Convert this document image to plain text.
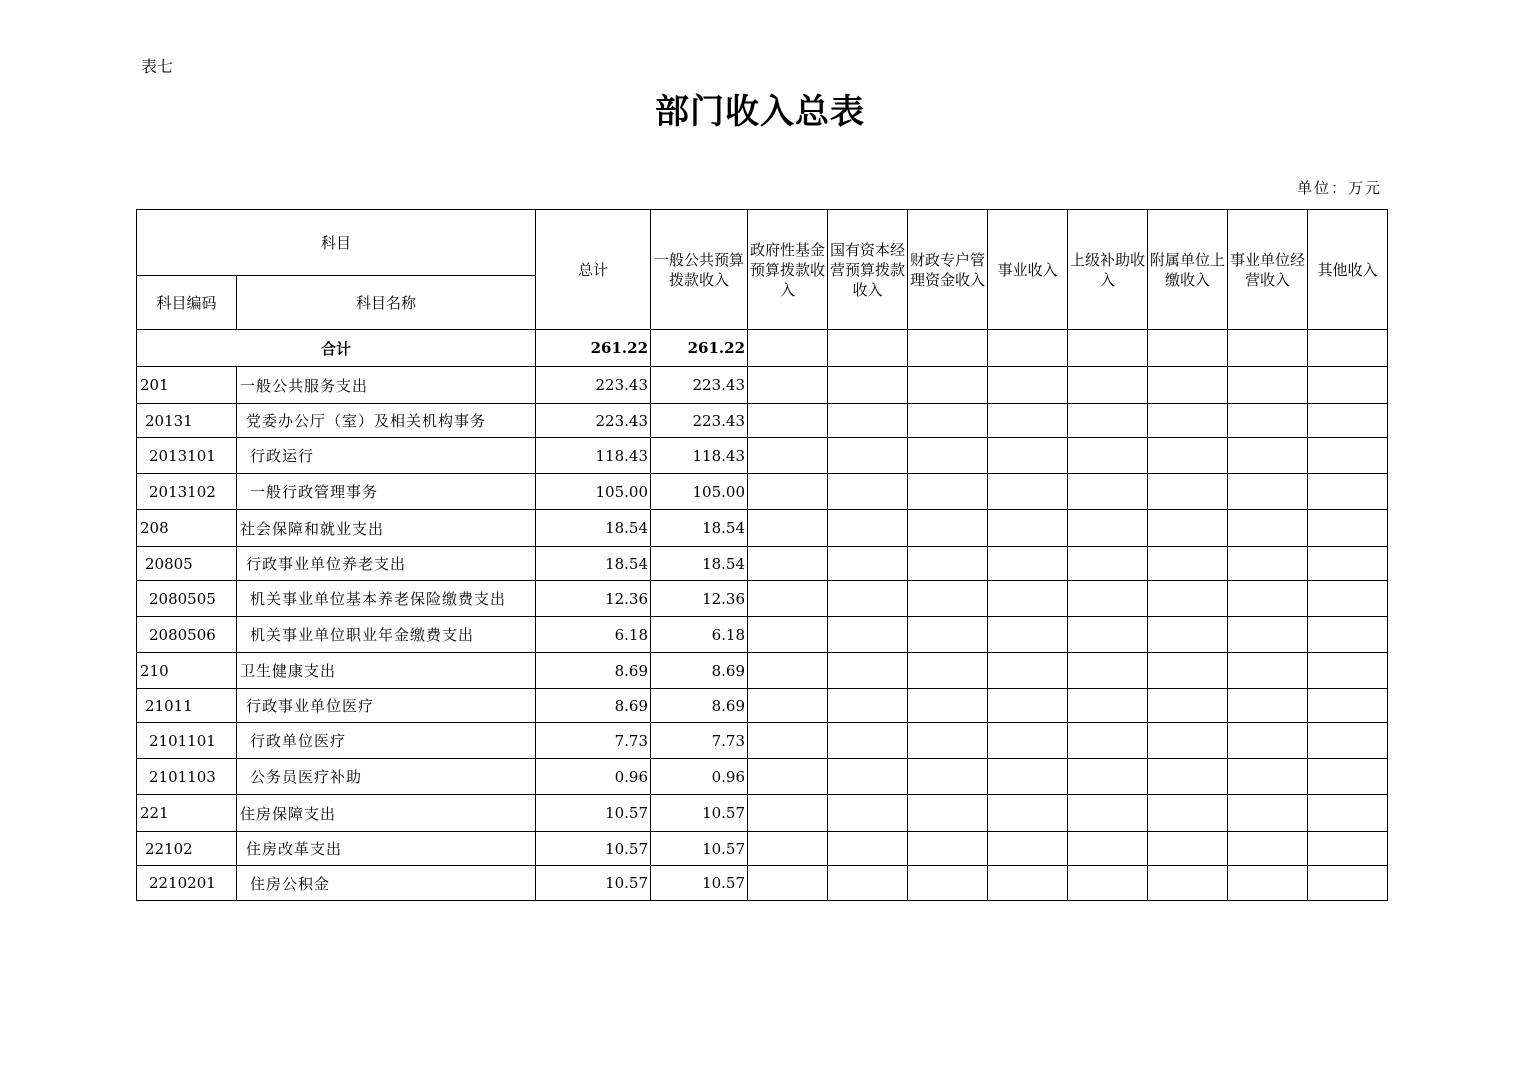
表七
部门收入总表
单位：万元
科目		总计	一般公共预算拨款收入	政府性基金预算拨款收入	国有资本经营预算拨款收入	财政专户管理资金收入	事业收入	上级补助收入	附属单位上缴收入	事业单位经营收入	其他收入
科目编码	科目名称										
合计		261.22	261.22								
201	一般公共服务支出	223.43	223.43								
20131	党委办公厅（室）及相关机构事务	223.43	223.43								
2013101	行政运行	118.43	118.43								
2013102	一般行政管理事务	105.00	105.00								
208	社会保障和就业支出	18.54	18.54								
20805	行政事业单位养老支出	18.54	18.54								
2080505	机关事业单位基本养老保险缴费支出	12.36	12.36								
2080506	机关事业单位职业年金缴费支出	6.18	6.18								
210	卫生健康支出	8.69	8.69								
21011	行政事业单位医疗	8.69	8.69								
2101101	行政单位医疗	7.73	7.73								
2101103	公务员医疗补助	0.96	0.96								
221	住房保障支出	10.57	10.57								
22102	住房改革支出	10.57	10.57								
2210201	住房公积金	10.57	10.57								
